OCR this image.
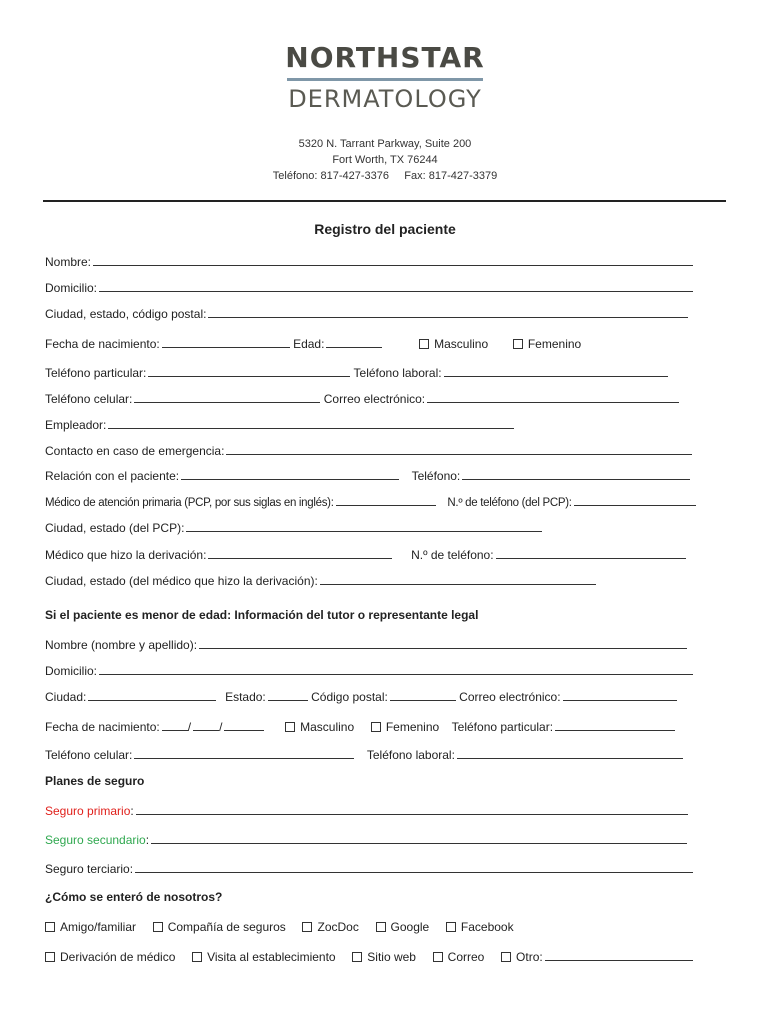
NORTHSTAR
DERMATOLOGY
5320 N. Tarrant Parkway, Suite 200
Fort Worth, TX 76244
Teléfono: 817-427-3376     Fax: 817-427-3379
Registro del paciente
Nombre:
Domicilio:
Ciudad, estado, código postal:
Fecha de nacimiento:	Edad:	Masculino	Femenino
Teléfono particular:	Teléfono laboral:
Teléfono celular:	Correo electrónico:
Empleador:
Contacto en caso de emergencia:
Relación con el paciente:	Teléfono:
Médico de atención primaria (PCP, por sus siglas en inglés):	N.º de teléfono (del PCP):
Ciudad, estado (del PCP):
Médico que hizo la derivación:	N.º de teléfono:
Ciudad, estado (del médico que hizo la derivación):
Si el paciente es menor de edad: Información del tutor o representante legal
Nombre (nombre y apellido):
Domicilio:
Ciudad:	Estado:	Código postal:	Correo electrónico:
Fecha de nacimiento: / /	Masculino	Femenino Teléfono particular:
Teléfono celular:	Teléfono laboral:
Planes de seguro
Seguro primario:
Seguro secundario:
Seguro terciario:
¿Cómo se enteró de nosotros?
Amigo/familiar	Compañía de seguros	ZocDoc	Google	Facebook
Derivación de médico	Visita al establecimiento	Sitio web	Correo	Otro:
